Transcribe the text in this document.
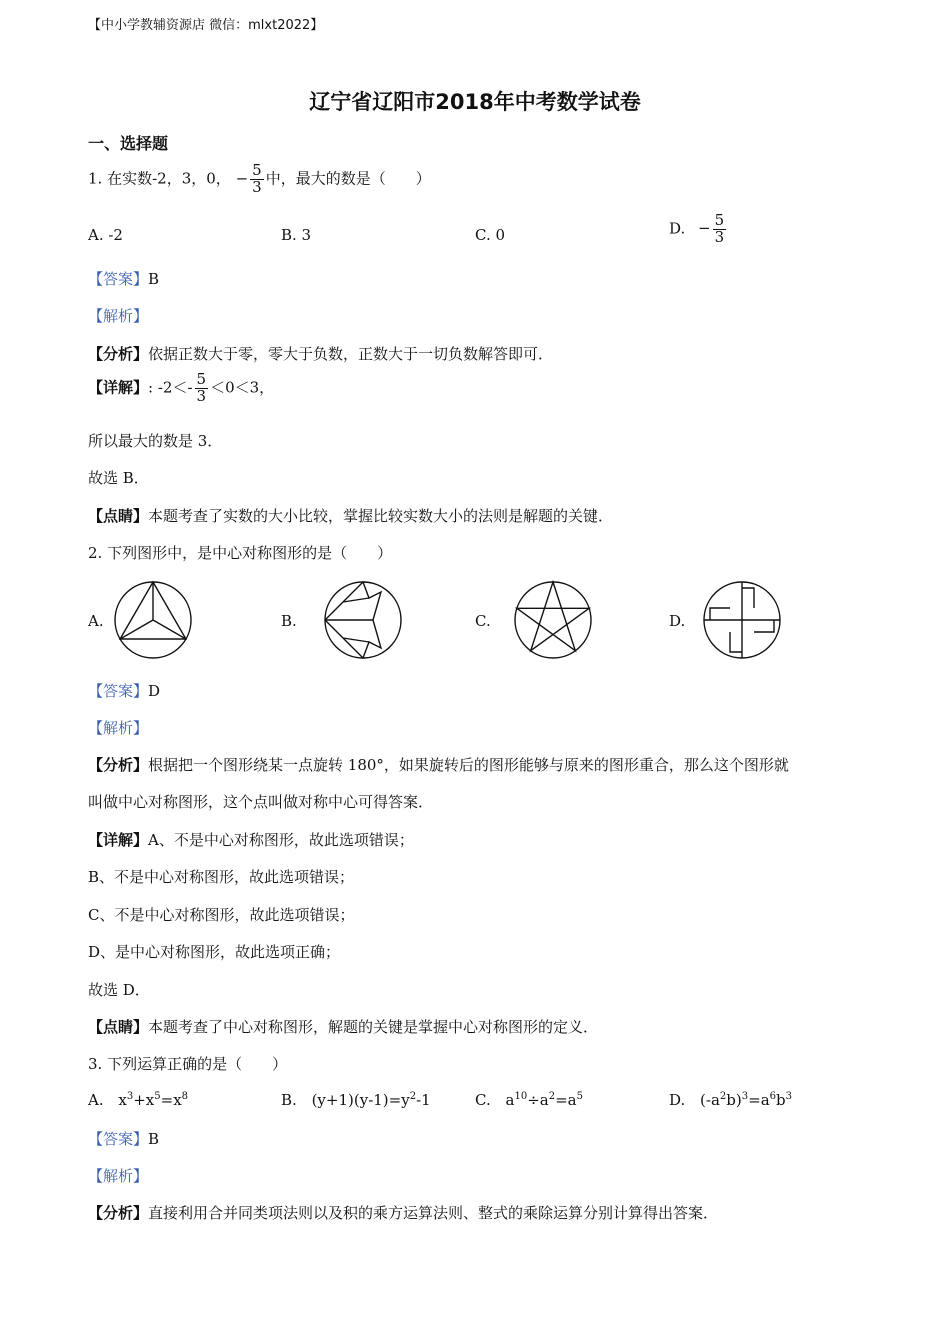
【中小学教辅资源店 微信：mlxt2022】
辽宁省辽阳市2018年中考数学试卷
一、选择题
1. 在实数-2，3，0， − $\frac{5}{3}$ 中，最大的数是（　　）
A. -2	B. 3	C. 0	D. − $\frac{5}{3}$
【答案】B
【解析】
【分析】依据正数大于零，零大于负数，正数大于一切负数解答即可．
【详解】: $-2<- \frac{5}{3} <0<3$，
所以最大的数是 3．
故选 B．
【点睛】本题考查了实数的大小比较，掌握比较实数大小的法则是解题的关键．
2. 下列图形中，是中心对称图形的是（　　）
A.	B.	C.	D.
【答案】D
【解析】
【分析】根据把一个图形绕某一点旋转 180°，如果旋转后的图形能够与原来的图形重合，那么这个图形就
叫做中心对称图形，这个点叫做对称中心可得答案．
【详解】A、不是中心对称图形，故此选项错误；
B、不是中心对称图形，故此选项错误；
C、不是中心对称图形，故此选项错误；
D、是中心对称图形，故此选项正确；
故选 D．
【点睛】本题考查了中心对称图形，解题的关键是掌握中心对称图形的定义．
3. 下列运算正确的是（　　）
A. $x^3+x^5=x^8$	B. $(y+1)(y-1)=y^2-1$	C. $a^{10}\div a^2=a^5$	D. $(-a^2b)^3=a^6b^3$
【答案】B
【解析】
【分析】直接利用合并同类项法则以及积的乘方运算法则、整式的乘除运算分别计算得出答案．
